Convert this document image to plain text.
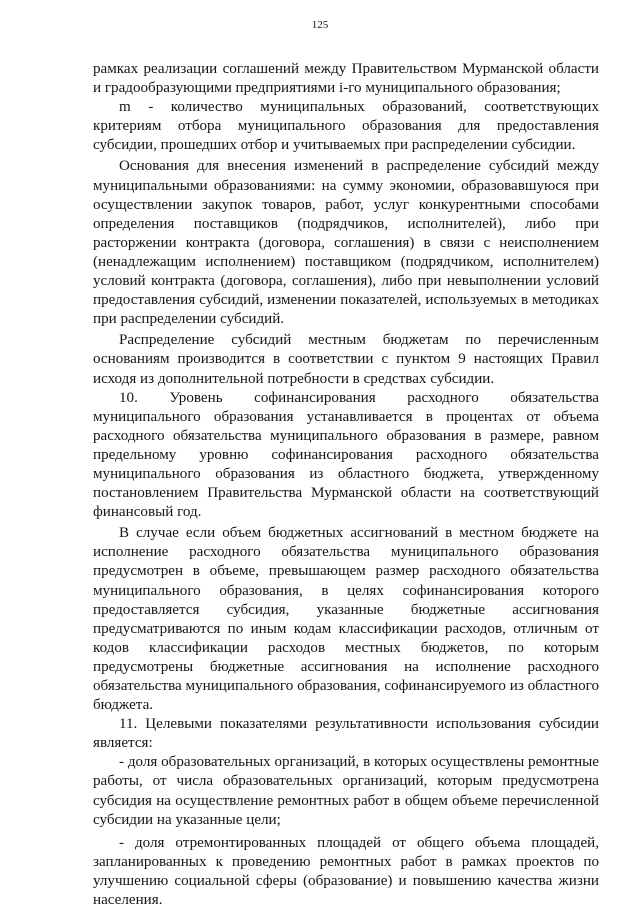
125

рамках реализации соглашений между Правительством Мурманской области и градообразующими предприятиями i-го муниципального образования;

m - количество муниципальных образований, соответствующих критериям отбора муниципального образования для предоставления субсидии, прошедших отбор и учитываемых при распределении субсидии.

Основания для внесения изменений в распределение субсидий между муниципальными образованиями: на сумму экономии, образовавшуюся при осуществлении закупок товаров, работ, услуг конкурентными способами определения поставщиков (подрядчиков, исполнителей), либо при расторжении контракта (договора, соглашения) в связи с неисполнением (ненадлежащим исполнением) поставщиком (подрядчиком, исполнителем) условий контракта (договора, соглашения), либо при невыполнении условий предоставления субсидий, изменении показателей, используемых в методиках при распределении субсидий.

Распределение субсидий местным бюджетам по перечисленным основаниям производится в соответствии с пунктом 9 настоящих Правил исходя из дополнительной потребности в средствах субсидии.

10. Уровень софинансирования расходного обязательства муниципального образования устанавливается в процентах от объема расходного обязательства муниципального образования в размере, равном предельному уровню софинансирования расходного обязательства муниципального образования из областного бюджета, утвержденному постановлением Правительства Мурманской области на соответствующий финансовый год.

В случае если объем бюджетных ассигнований в местном бюджете на исполнение расходного обязательства муниципального образования предусмотрен в объеме, превышающем размер расходного обязательства муниципального образования, в целях софинансирования которого предоставляется субсидия, указанные бюджетные ассигнования предусматриваются по иным кодам классификации расходов, отличным от кодов классификации расходов местных бюджетов, по которым предусмотрены бюджетные ассигнования на исполнение расходного обязательства муниципального образования, софинансируемого из областного бюджета.

11. Целевыми показателями результативности использования субсидии является:

- доля образовательных организаций, в которых осуществлены ремонтные работы, от числа образовательных организаций, которым предусмотрена субсидия на осуществление ремонтных работ в общем объеме перечисленной субсидии на указанные цели;

- доля отремонтированных площадей от общего объема площадей, запланированных к проведению ремонтных работ в рамках проектов по улучшению социальной сферы (образование) и повышению качества жизни населения.
